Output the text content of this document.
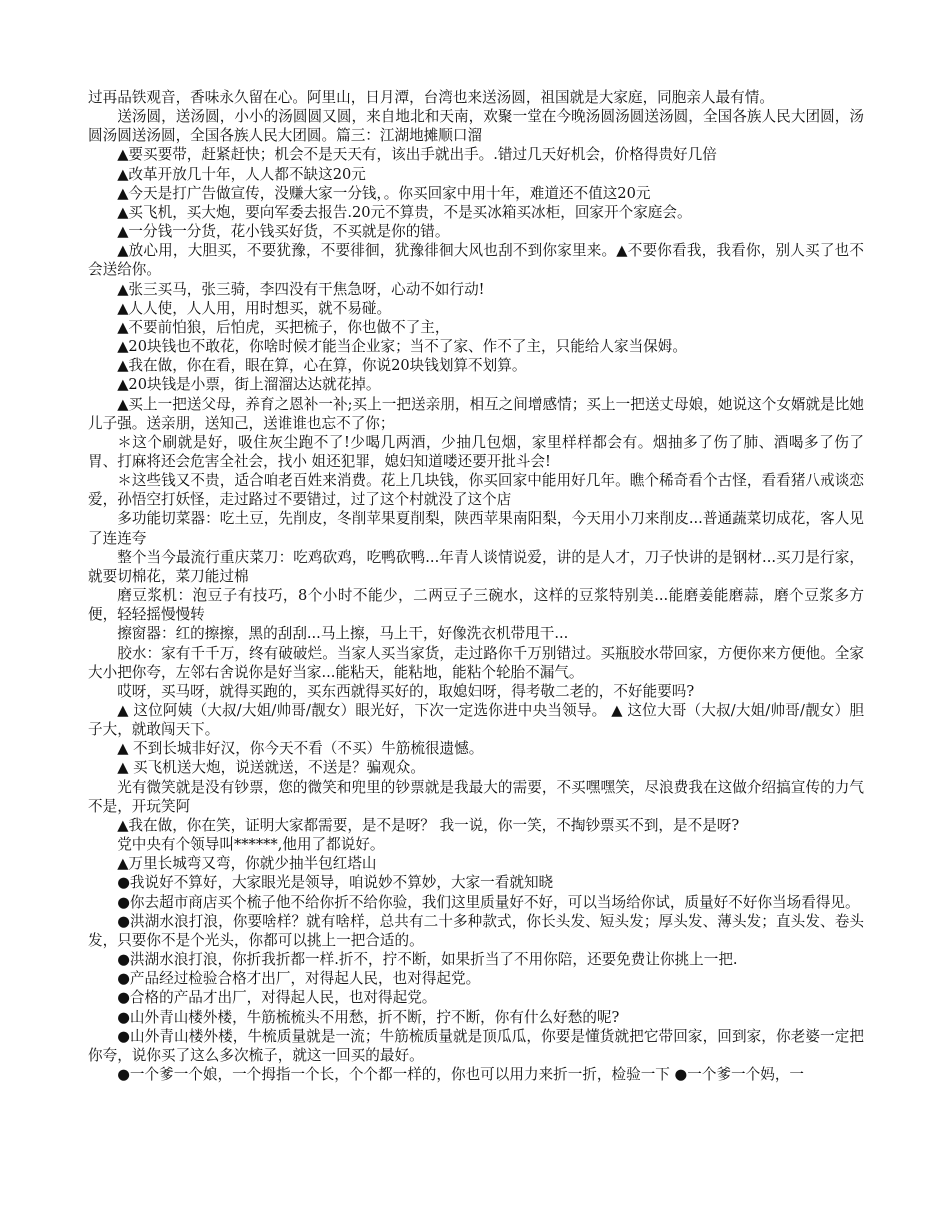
过再品铁观音，香味永久留在心。阿里山，日月潭，台湾也来送汤圆，祖国就是大家庭，同胞亲人最有情。

送汤圆，送汤圆，小小的汤圆圆又圆，来自地北和天南，欢聚一堂在今晚汤圆汤圆送汤圆，全国各族人民大团圆，汤圆汤圆送汤圆，全国各族人民大团圆。篇三：江湖地摊顺口溜

▲要买要带，赶紧赶快；机会不是天天有，该出手就出手。.错过几天好机会，价格得贵好几倍

▲改革开放几十年，人人都不缺这20元

▲今天是打广告做宣传，没赚大家一分钱，。你买回家中用十年，难道还不值这20元

▲买飞机，买大炮，要向军委去报告.20元不算贵，不是买冰箱买冰柜，回家开个家庭会。

▲一分钱一分货，花小钱买好货，不买就是你的错。

▲放心用，大胆买，不要犹豫，不要徘徊，犹豫徘徊大风也刮不到你家里来。▲不要你看我，我看你，别人买了也不会送给你。

▲张三买马，张三骑，李四没有干焦急呀，心动不如行动!

▲人人使，人人用，用时想买，就不易碰。

▲不要前怕狼，后怕虎，买把梳子，你也做不了主，

▲20块钱也不敢花，你啥时候才能当企业家；当不了家、作不了主，只能给人家当保姆。

▲我在做，你在看，眼在算，心在算，你说20块钱划算不划算。

▲20块钱是小票，街上溜溜达达就花掉。

▲买上一把送父母，养育之恩补一补;买上一把送亲朋，相互之间增感情；买上一把送丈母娘，她说这个女婿就是比她儿子强。送亲朋，送知己，送谁谁也忘不了你；

＊这个刷就是好，吸住灰尘跑不了!少喝几两酒，少抽几包烟，家里样样都会有。烟抽多了伤了肺、酒喝多了伤了胃、打麻将还会危害全社会，找小 姐还犯罪，媳妇知道喽还要开批斗会!

＊这些钱又不贵，适合咱老百姓来消费。花上几块钱，你买回家中能用好几年。瞧个稀奇看个古怪，看看猪八戒谈恋爱，孙悟空打妖怪，走过路过不要错过，过了这个村就没了这个店

多功能切菜器：吃土豆，先削皮，冬削苹果夏削梨，陕西苹果南阳梨，今天用小刀来削皮...普通蔬菜切成花，客人见了连连夸

整个当今最流行重庆菜刀：吃鸡砍鸡，吃鸭砍鸭...年青人谈情说爱，讲的是人才，刀子快讲的是钢材...买刀是行家，就要切棉花，菜刀能过棉

磨豆浆机：泡豆子有技巧，8个小时不能少，二两豆子三碗水，这样的豆浆特别美...能磨姜能磨蒜，磨个豆浆多方便，轻轻摇慢慢转

擦窗器：红的擦擦，黑的刮刮...马上擦，马上干，好像洗衣机带甩干...

胶水：家有千千万，终有破破烂。当家人买当家货，走过路你千万别错过。买瓶胶水带回家，方便你来方便他。全家大小把你夸，左邻右舍说你是好当家...能粘天，能粘地，能粘个轮胎不漏气。

哎呀，买马呀，就得买跑的，买东西就得买好的，取媳妇呀，得考敬二老的，不好能要吗?

▲ 这位阿姨（大叔/大姐/帅哥/靓女）眼光好，下次一定选你进中央当领导。 ▲ 这位大哥（大叔/大姐/帅哥/靓女）胆子大，就敢闯天下。

▲ 不到长城非好汉，你今天不看（不买）牛筋梳很遗憾。

▲ 买飞机送大炮，说送就送，不送是？骗观众。

光有微笑就是没有钞票，您的微笑和兜里的钞票就是我最大的需要，不买嘿嘿笑，尽浪费我在这做介绍搞宣传的力气不是，开玩笑阿

▲我在做，你在笑，证明大家都需要，是不是呀？ 我一说，你一笑，不掏钞票买不到，是不是呀?

党中央有个领导叫******,他用了都说好。

▲万里长城弯又弯，你就少抽半包红塔山

●我说好不算好，大家眼光是领导，咱说妙不算妙，大家一看就知晓

●你去超市商店买个梳子他不给你折不给你验，我们这里质量好不好，可以当场给你试，质量好不好你当场看得见。

●洪湖水浪打浪，你要啥样？就有啥样，总共有二十多种款式，你长头发、短头发；厚头发、薄头发；直头发、卷头发，只要你不是个光头，你都可以挑上一把合适的。

●洪湖水浪打浪，你折我折都一样.折不，拧不断，如果折当了不用你陪，还要免费让你挑上一把.

●产品经过检验合格才出厂，对得起人民，也对得起党。

●合格的产品才出厂，对得起人民，也对得起党。

●山外青山楼外楼，牛筋梳梳头不用愁，折不断，拧不断，你有什么好愁的呢?

●山外青山楼外楼，牛梳质量就是一流；牛筋梳质量就是顶瓜瓜，你要是懂货就把它带回家，回到家，你老婆一定把你夸，说你买了这么多次梳子，就这一回买的最好。

●一个爹一个娘，一个拇指一个长，个个都一样的，你也可以用力来折一折，检验一下 ●一个爹一个妈，一
